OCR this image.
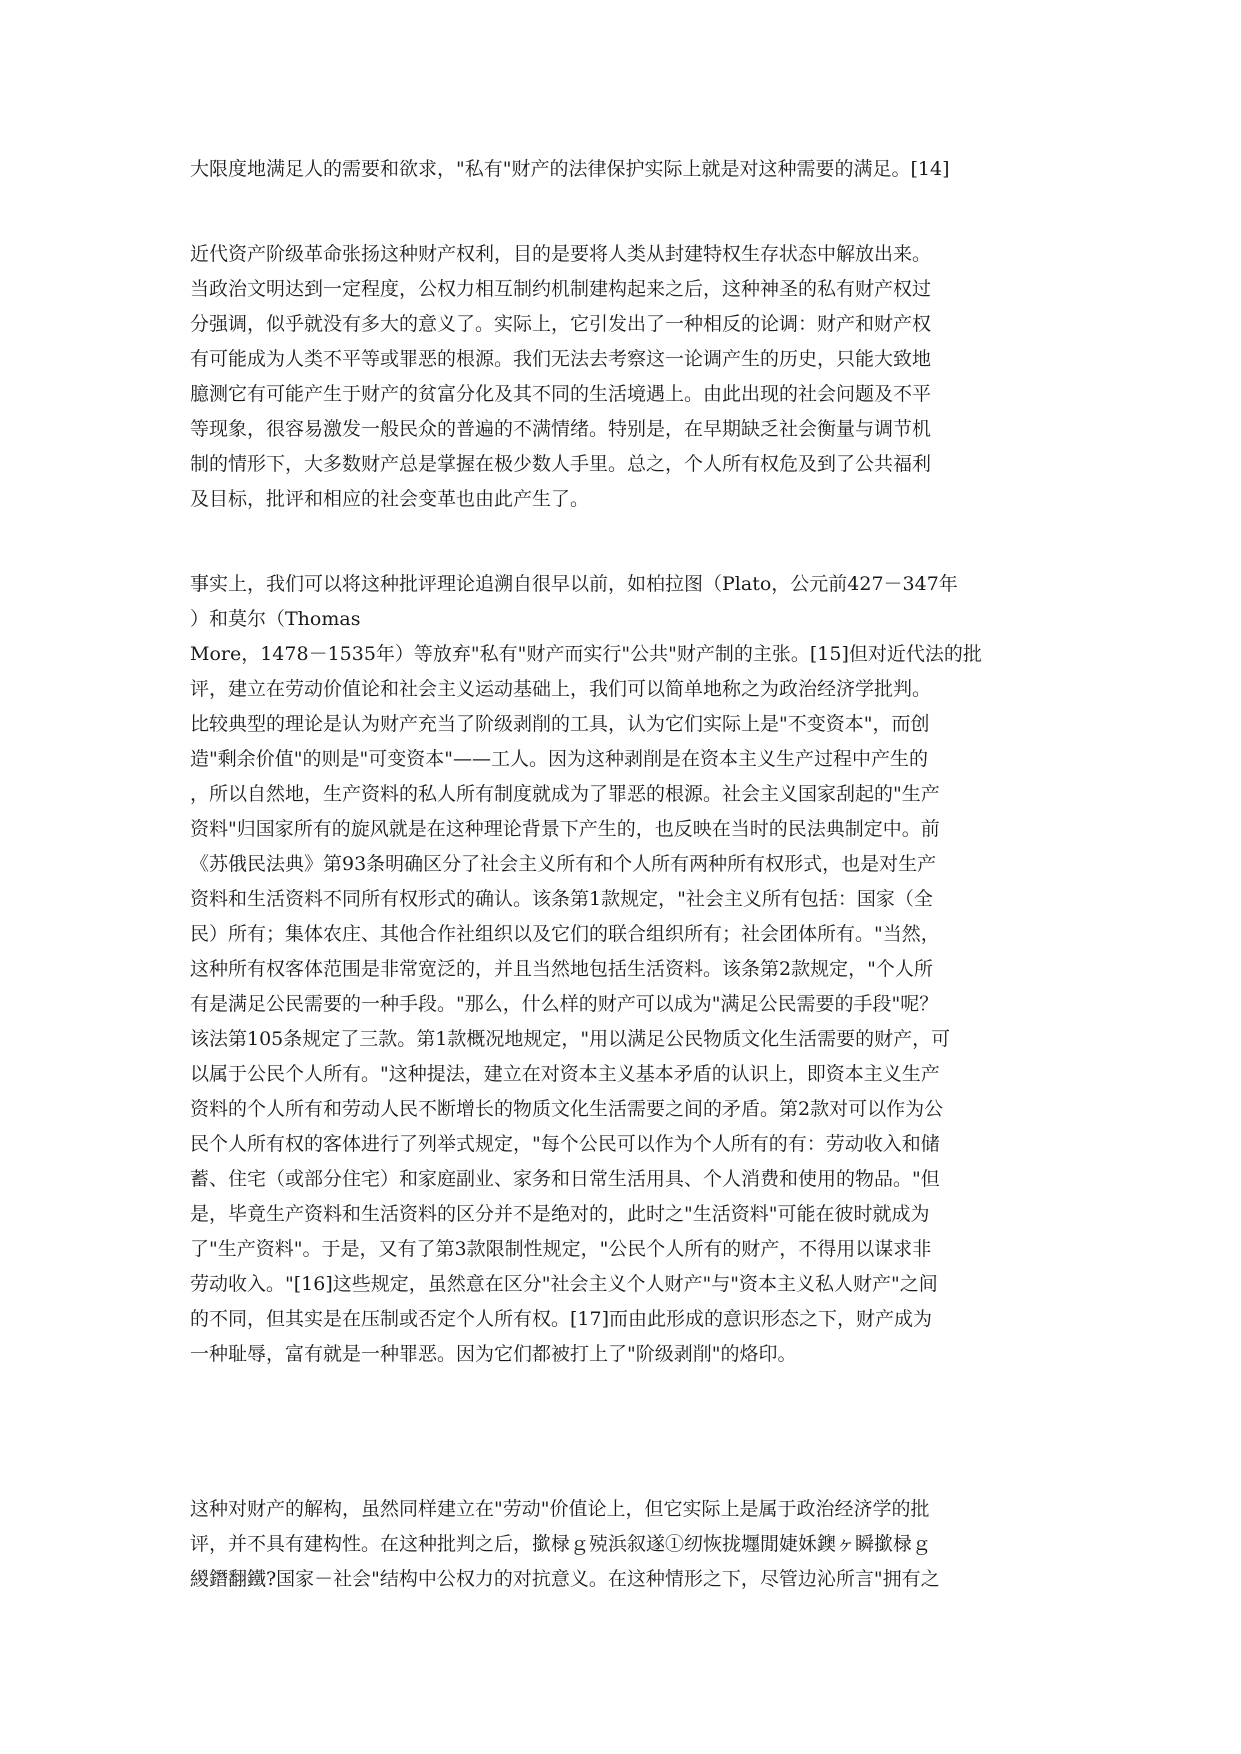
大限度地满足人的需要和欲求，"私有"财产的法律保护实际上就是对这种需要的满足。[14]
近代资产阶级革命张扬这种财产权利，目的是要将人类从封建特权生存状态中解放出来。
当政治文明达到一定程度，公权力相互制约机制建构起来之后，这种神圣的私有财产权过
分强调，似乎就没有多大的意义了。实际上，它引发出了一种相反的论调：财产和财产权
有可能成为人类不平等或罪恶的根源。我们无法去考察这一论调产生的历史，只能大致地
臆测它有可能产生于财产的贫富分化及其不同的生活境遇上。由此出现的社会问题及不平
等现象，很容易激发一般民众的普遍的不满情绪。特别是，在早期缺乏社会衡量与调节机
制的情形下，大多数财产总是掌握在极少数人手里。总之，个人所有权危及到了公共福利
及目标，批评和相应的社会变革也由此产生了。
事实上，我们可以将这种批评理论追溯自很早以前，如柏拉图（Plato，公元前427－347年
）和莫尔（Thomas
More，1478－1535年）等放弃"私有"财产而实行"公共"财产制的主张。[15]但对近代法的批
评，建立在劳动价值论和社会主义运动基础上，我们可以简单地称之为政治经济学批判。
比较典型的理论是认为财产充当了阶级剥削的工具，认为它们实际上是"不变资本"，而创
造"剩余价值"的则是"可变资本"——工人。因为这种剥削是在资本主义生产过程中产生的
，所以自然地，生产资料的私人所有制度就成为了罪恶的根源。社会主义国家刮起的"生产
资料"归国家所有的旋风就是在这种理论背景下产生的，也反映在当时的民法典制定中。前
《苏俄民法典》第93条明确区分了社会主义所有和个人所有两种所有权形式，也是对生产
资料和生活资料不同所有权形式的确认。该条第1款规定，"社会主义所有包括：国家（全
民）所有；集体农庄、其他合作社组织以及它们的联合组织所有；社会团体所有。"当然，
这种所有权客体范围是非常宽泛的，并且当然地包括生活资料。该条第2款规定，"个人所
有是满足公民需要的一种手段。"那么，什么样的财产可以成为"满足公民需要的手段"呢？
该法第105条规定了三款。第1款概况地规定，"用以满足公民物质文化生活需要的财产，可
以属于公民个人所有。"这种提法，建立在对资本主义基本矛盾的认识上，即资本主义生产
资料的个人所有和劳动人民不断增长的物质文化生活需要之间的矛盾。第2款对可以作为公
民个人所有权的客体进行了列举式规定，"每个公民可以作为个人所有的有：劳动收入和储
蓄、住宅（或部分住宅）和家庭副业、家务和日常生活用具、个人消费和使用的物品。"但
是，毕竟生产资料和生活资料的区分并不是绝对的，此时之"生活资料"可能在彼时就成为
了"生产资料"。于是，又有了第3款限制性规定，"公民个人所有的财产，不得用以谋求非
劳动收入。"[16]这些规定，虽然意在区分"社会主义个人财产"与"资本主义私人财产"之间
的不同，但其实是在压制或否定个人所有权。[17]而由此形成的意识形态之下，财产成为
一种耻辱，富有就是一种罪恶。因为它们都被打上了"阶级剥削"的烙印。
这种对财产的解构，虽然同样建立在"劳动"价值论上，但它实际上是属于政治经济学的批
评，并不具有建构性。在这种批判之后，撳椂ｇ殑浜叙遂①纫恢拢壥閒婕姀鐭ヶ瞬撳椂ｇ
緵鐕翻鐵?国家－社会"结构中公权力的对抗意义。在这种情形之下，尽管边沁所言"拥有之
